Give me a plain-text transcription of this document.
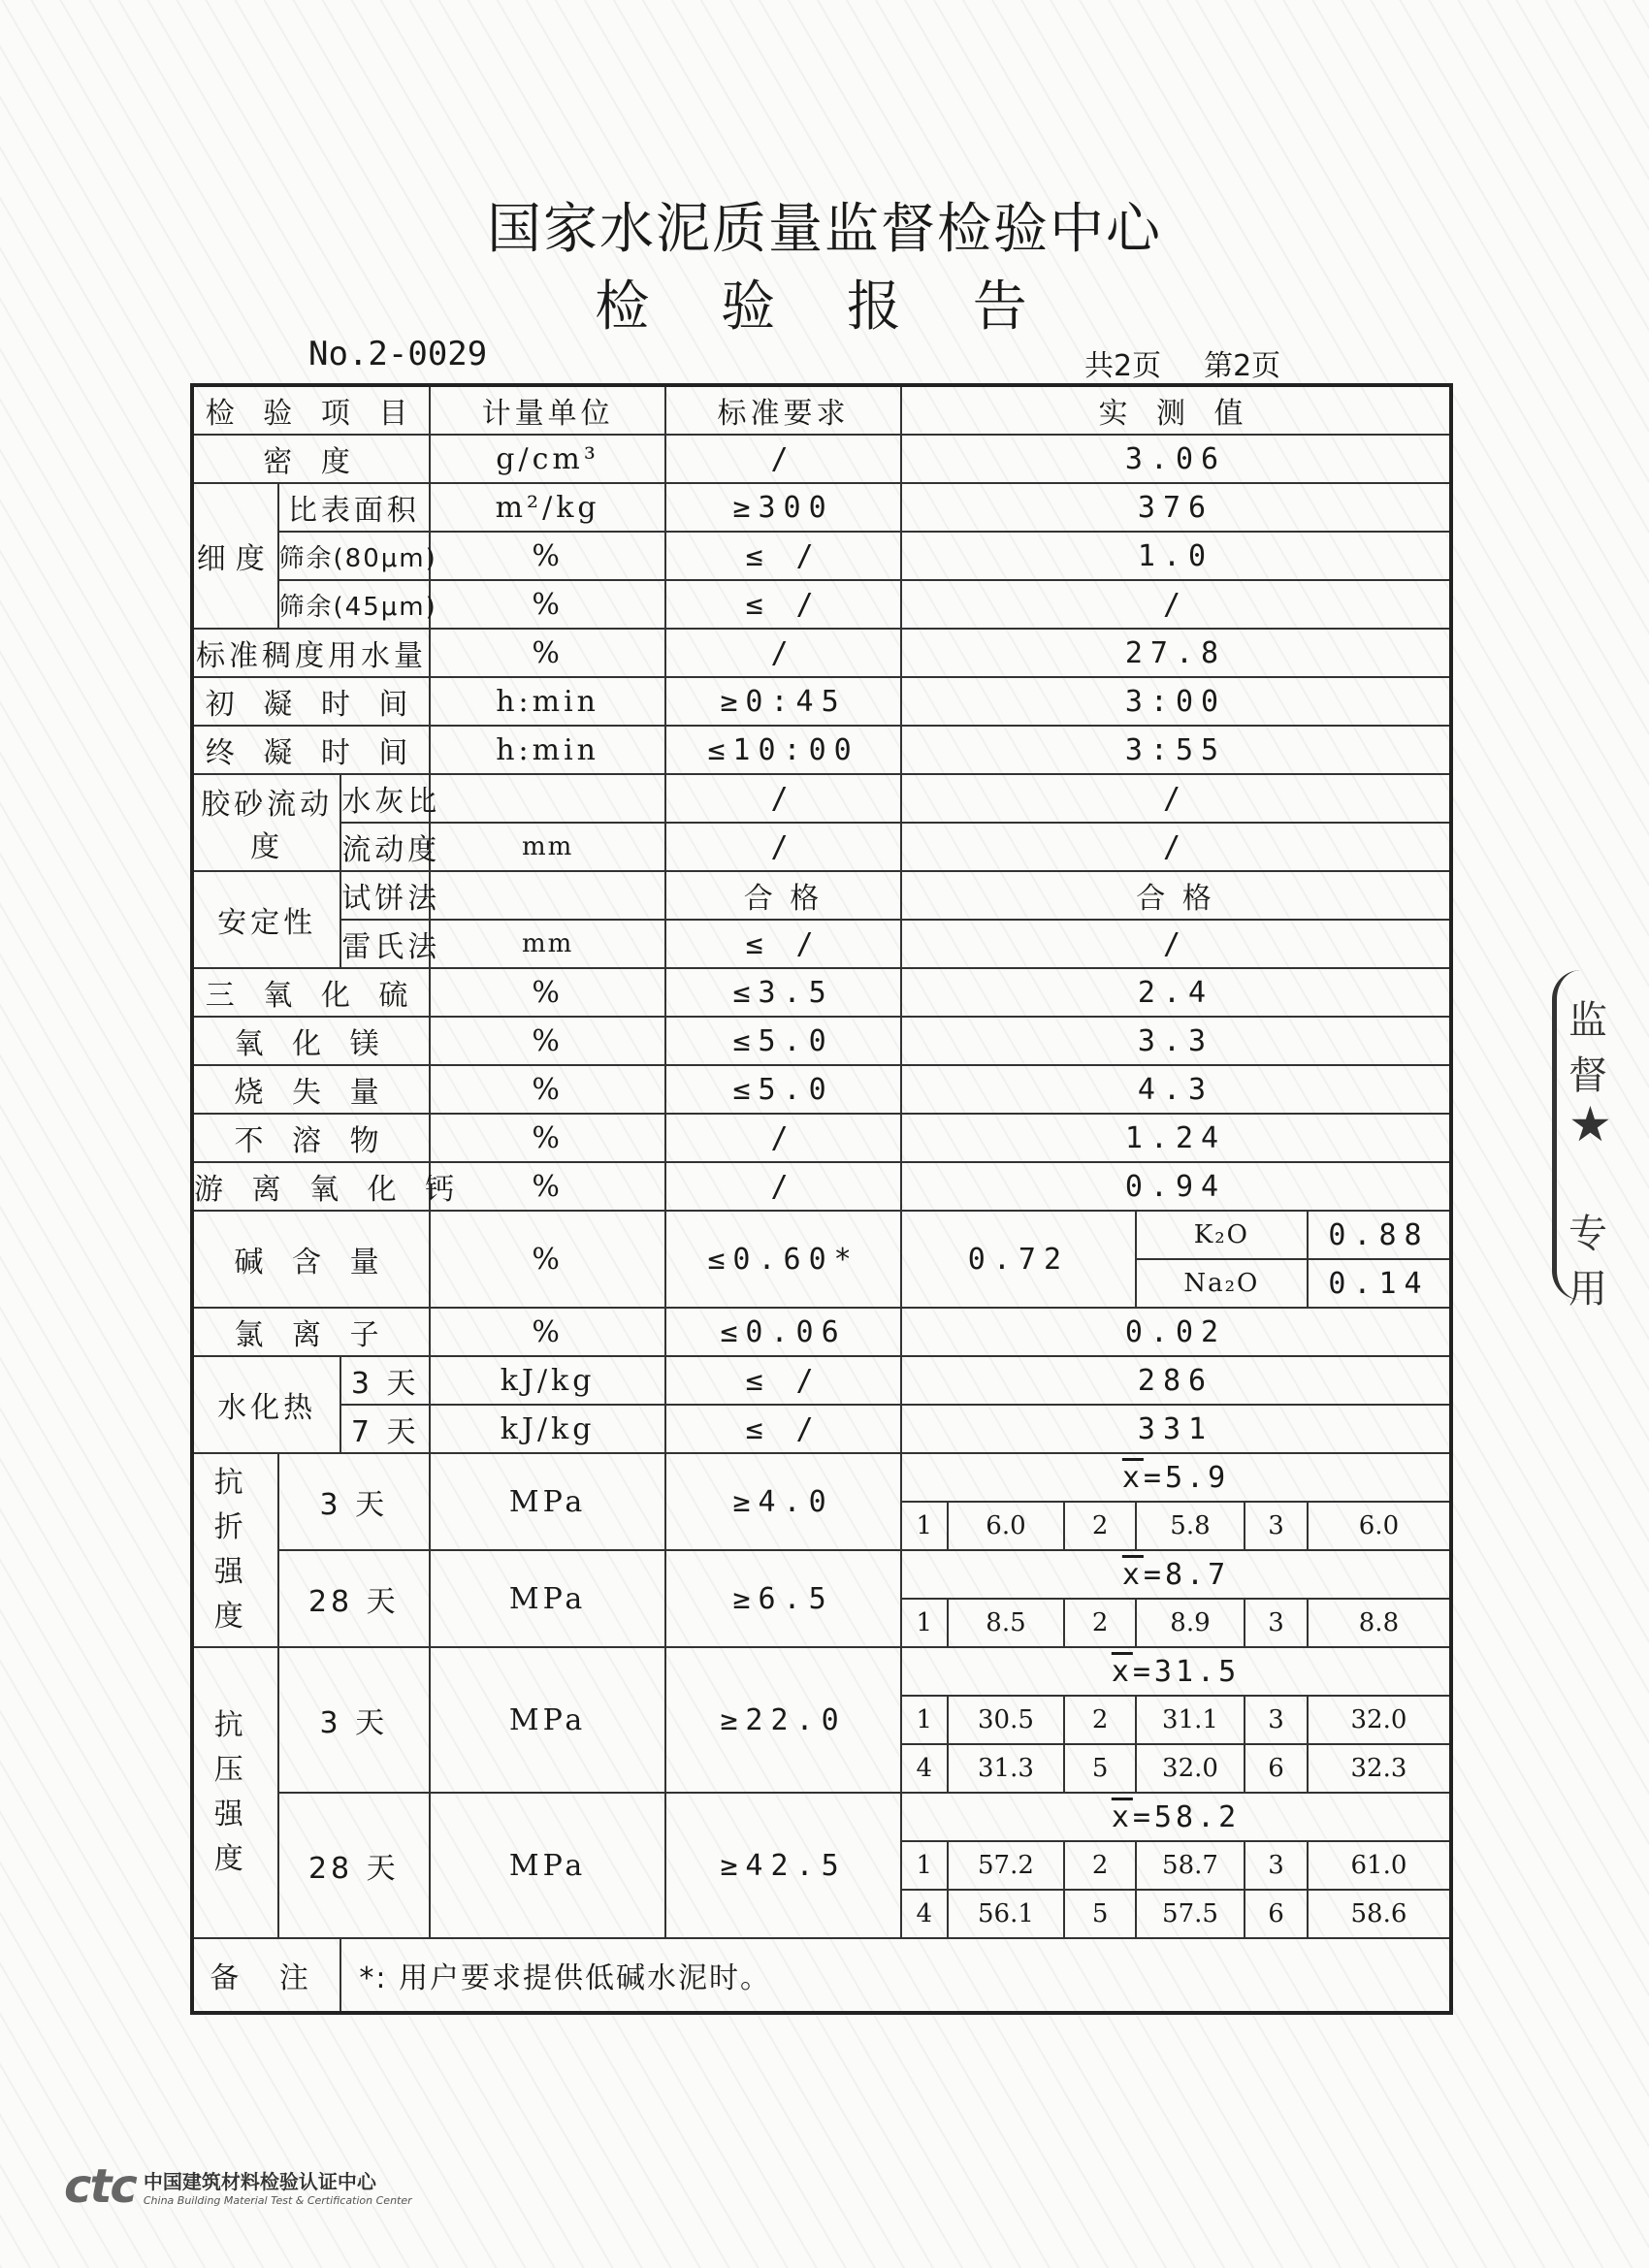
国家水泥质量监督检验中心
检 验 报 告
No.2-0029	共2页 第2页
检 验 项 目			计量单位	标准要求	实 测 值					
密 度			g/cm³	/	3.06					
细度	比表面积		m²/kg	≥300	376					
	筛余(80μm)		%	≤ /	1.0					
	筛余(45μm)		%	≤ /	/					
标准稠度用水量			%	/	27.8					
初 凝 时 间			h:min	≥0:45	3:00					
终 凝 时 间			h:min	≤10:00	3:55					
胶砂流动度		水灰比		/	/					
		流动度	mm	/	/					
安定性		试饼法		合 格	合 格					
		雷氏法	mm	≤ /	/					
三 氧 化 硫			%	≤3.5	2.4					
氧 化 镁			%	≤5.0	3.3					
烧 失 量			%	≤5.0	4.3					
不 溶 物			%	/	1.24					
游 离 氧 化 钙			%	/	0.94					
碱 含 量			%	≤0.60*	0.72			K₂O		0.88
								Na₂O		0.14
氯 离 子			%	≤0.06	0.02					
水化热		3 天	kJ/kg	≤ /	286					
		7 天	kJ/kg	≤ /	331					
抗 折 强 度	3 天		MPa	≥4.0	$\overline{x}=5.9$					
					1	6.0	2	5.8	3	6.0
	28 天		MPa	≥6.5	$\overline{x}=8.7$					
					1	8.5	2	8.9	3	8.8
抗 压 强 度	3 天		MPa	≥22.0	$\overline{x}=31.5$					
					1	30.5	2	31.1	3	32.0
					4	31.3	5	32.0	6	32.3
	28 天		MPa	≥42.5	$\overline{x}=58.2$					
					1	57.2	2	58.7	3	61.0
					4	56.1	5	57.5	6	58.6
备 注		*: 用户要求提供低碱水泥时。								
监督
★
专用
ctc 中国建筑材料检验认证中心
China Building Material Test & Certification Center
